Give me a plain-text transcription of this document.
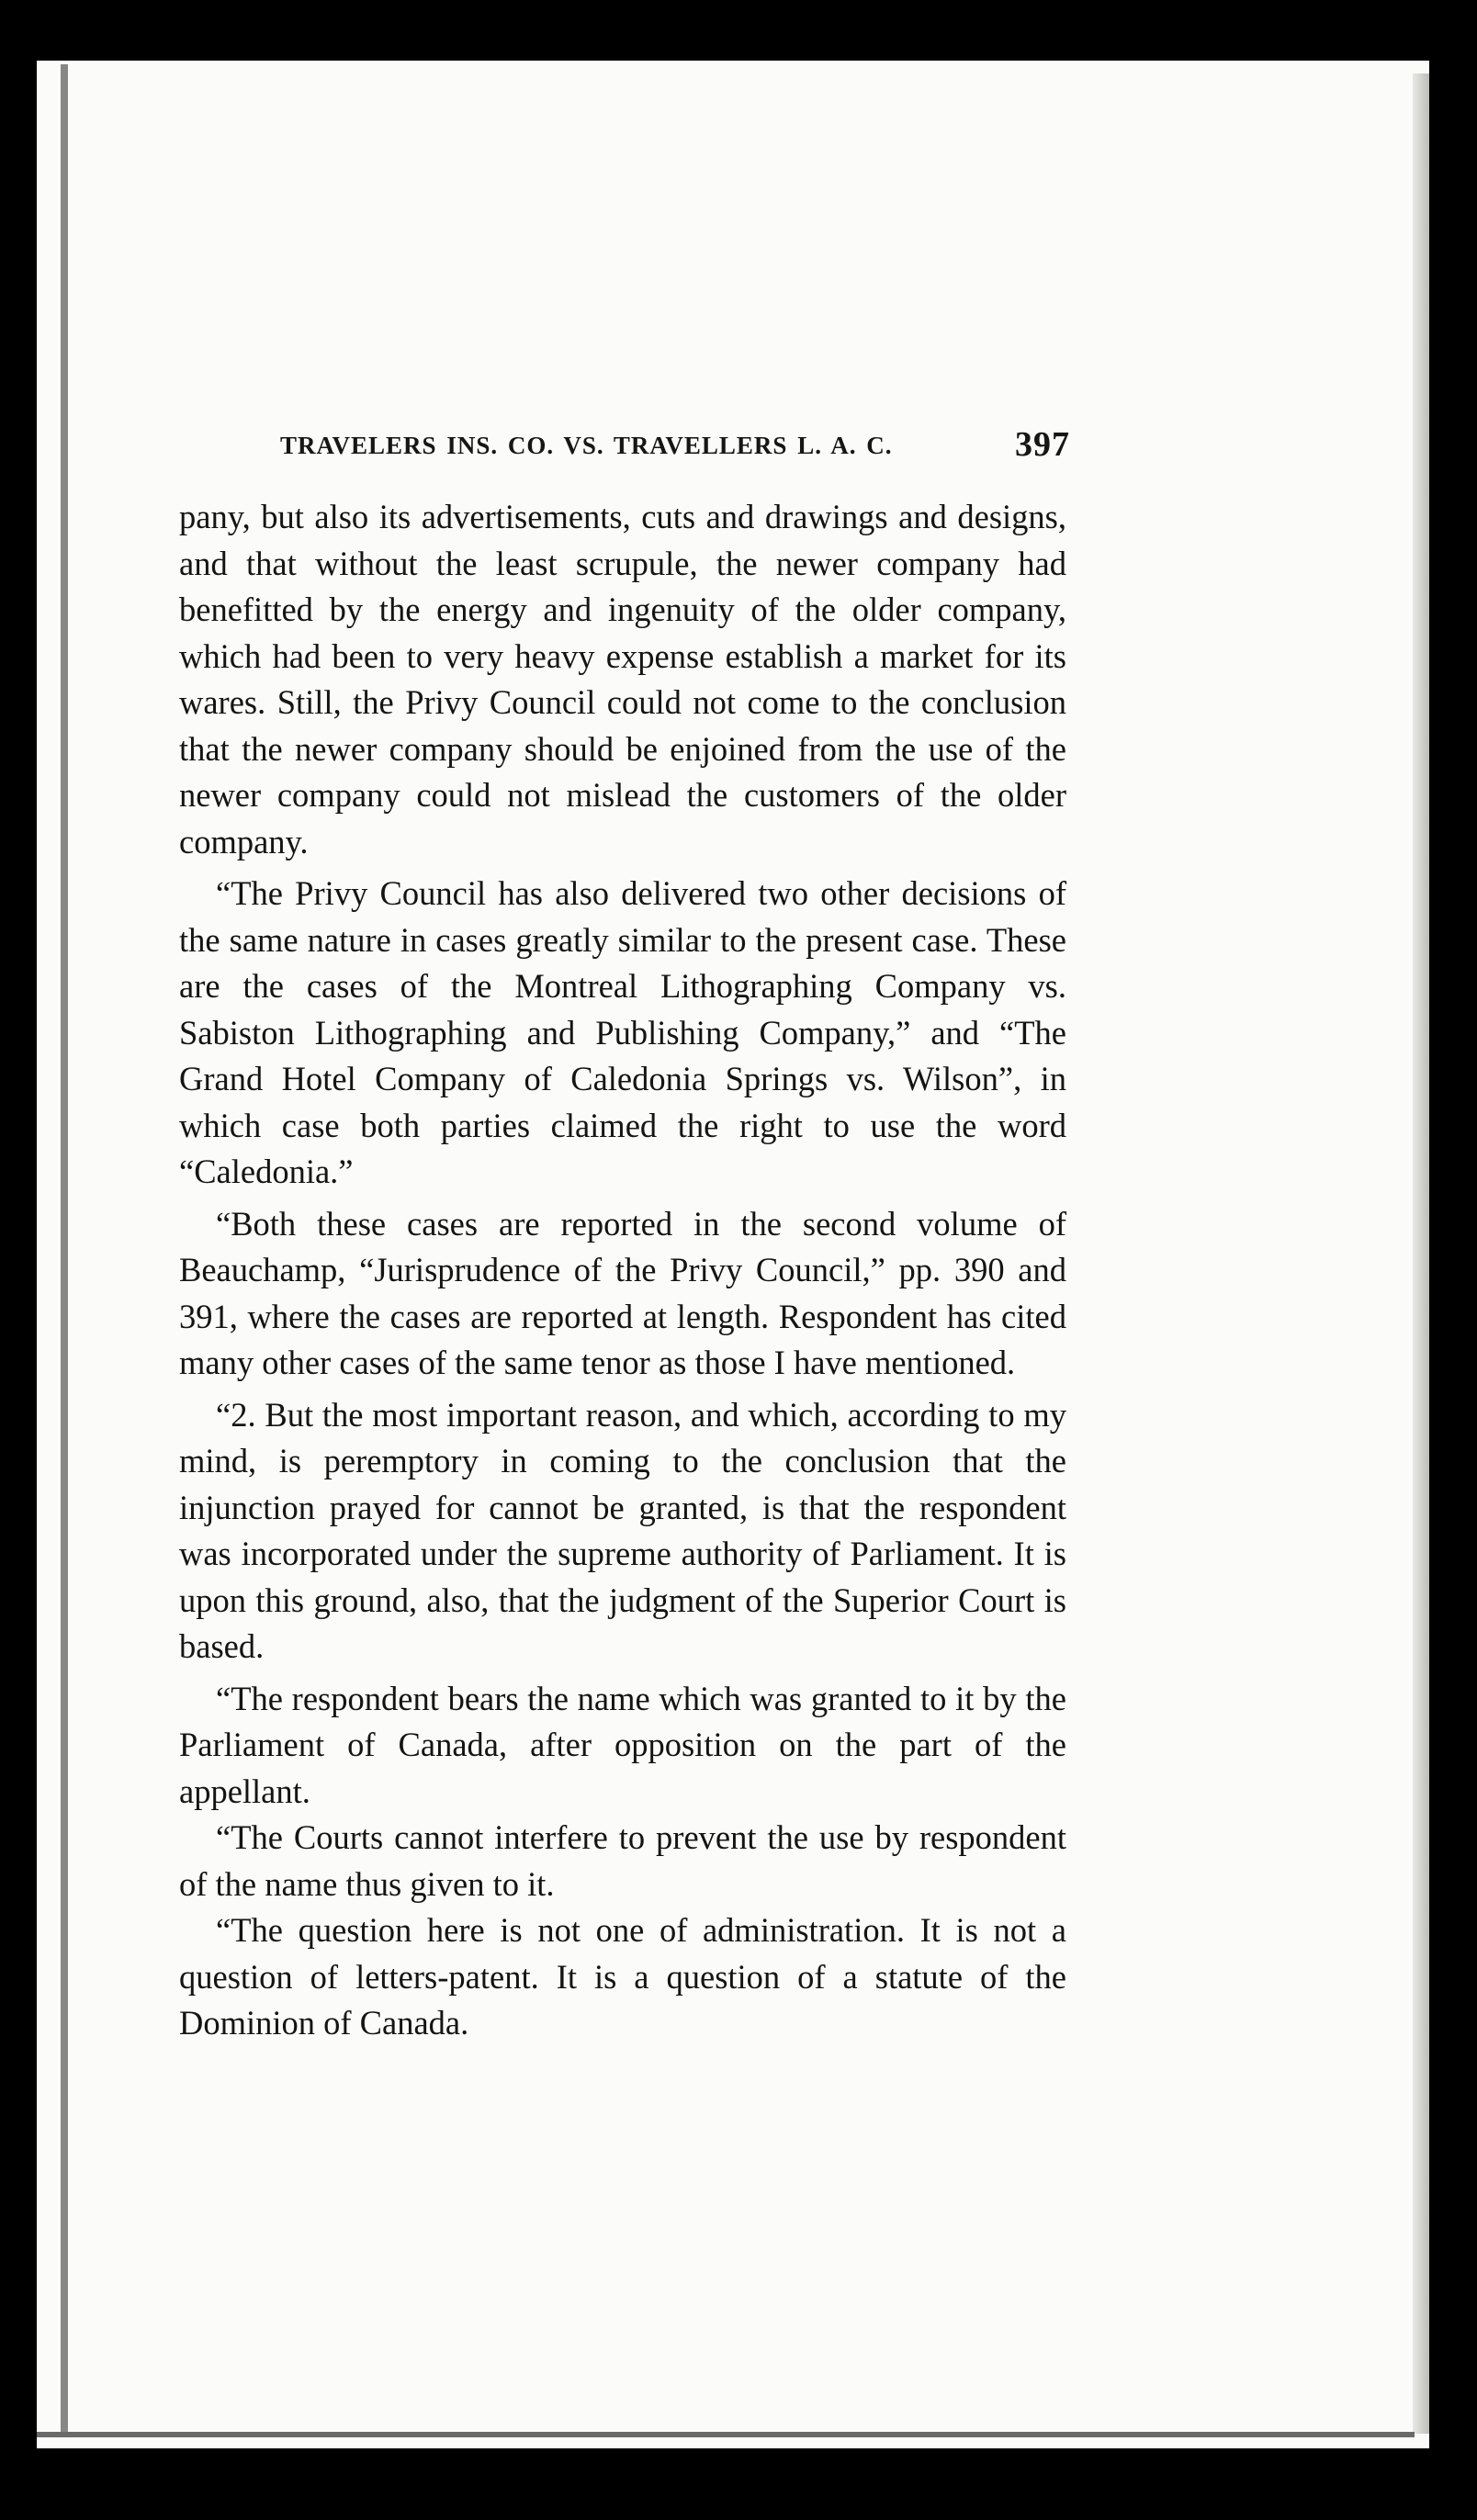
TRAVELERS INS. CO. VS. TRAVELLERS L. A. C.	397

pany, but also its advertisements, cuts and drawings and designs, and that without the least scrupule, the newer company had benefitted by the energy and ingenuity of the older company, which had been to very heavy expense establish a market for its wares. Still, the Privy Council could not come to the conclusion that the newer company should be enjoined from the use of the newer company could not mislead the customers of the older company.

“The Privy Council has also delivered two other decisions of the same nature in cases greatly similar to the present case. These are the cases of the Montreal Lithographing Company vs. Sabiston Lithographing and Publishing Company,” and “The Grand Hotel Company of Caledonia Springs vs. Wilson”, in which case both parties claimed the right to use the word “Caledonia.”

“Both these cases are reported in the second volume of Beauchamp, “Jurisprudence of the Privy Council,” pp. 390 and 391, where the cases are reported at length. Respondent has cited many other cases of the same tenor as those I have mentioned.

“2. But the most important reason, and which, according to my mind, is peremptory in coming to the conclusion that the injunction prayed for cannot be granted, is that the respondent was incorporated under the supreme authority of Parliament. It is upon this ground, also, that the judgment of the Superior Court is based.

“The respondent bears the name which was granted to it by the Parliament of Canada, after opposition on the part of the appellant.

“The Courts cannot interfere to prevent the use by respondent of the name thus given to it.

“The question here is not one of administration. It is not a question of letters-patent. It is a question of a statute of the Dominion of Canada.
